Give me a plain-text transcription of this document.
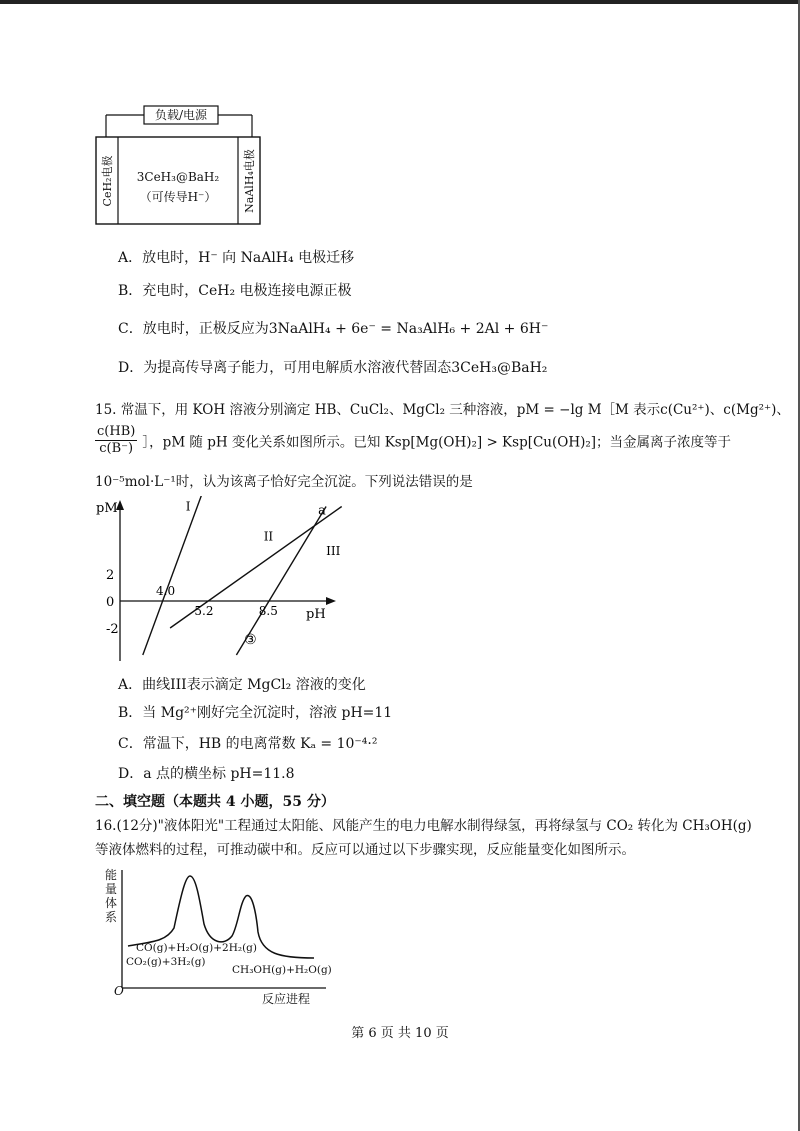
负载/电源
CeH₂电极	NaAlH₄电极
3CeH₃@BaH₂
（可传导H⁻）
A．放电时，H⁻ 向 NaAlH₄ 电极迁移
B．充电时，CeH₂ 电极连接电源正极
C．放电时，正极反应为3NaAlH₄ + 6e⁻ = Na₃AlH₆ + 2Al + 6H⁻
D．为提高传导离子能力，可用电解质水溶液代替固态3CeH₃@BaH₂
15. 常温下，用 KOH 溶液分别滴定 HB、CuCl₂、MgCl₂ 三种溶液，pM = −lg M［M 表示c(Cu²⁺)、c(Mg²⁺)、
$\frac{c(HB)}{c(B^-)}$ ］，pM 随 pH 变化关系如图所示。已知 Ksp[Mg(OH)₂] > Ksp[Cu(OH)₂]；当金属离子浓度等于
10⁻⁵mol·L⁻¹时，认为该离子恰好完全沉淀。下列说法错误的是
pM
pH
2
0
-2
I
II
III
4.0
5.2	8.5
a
③
A．曲线III表示滴定 MgCl₂ 溶液的变化
B．当 Mg²⁺刚好完全沉淀时，溶液 pH=11
C．常温下，HB 的电离常数 Kₐ = 10⁻⁴·²
D．a 点的横坐标 pH=11.8
二、填空题（本题共 4 小题，55 分）
16.(12分)"液体阳光"工程通过太阳能、风能产生的电力电解水制得绿氢，再将绿氢与 CO₂ 转化为 CH₃OH(g)
等液体燃料的过程，可推动碳中和。反应可以通过以下步骤实现，反应能量变化如图所示。
能量体系
CO(g)+H₂O(g)+2H₂(g)
CO₂(g)+3H₂(g)
CH₃OH(g)+H₂O(g)
O
反应进程
第 6 页 共 10 页
